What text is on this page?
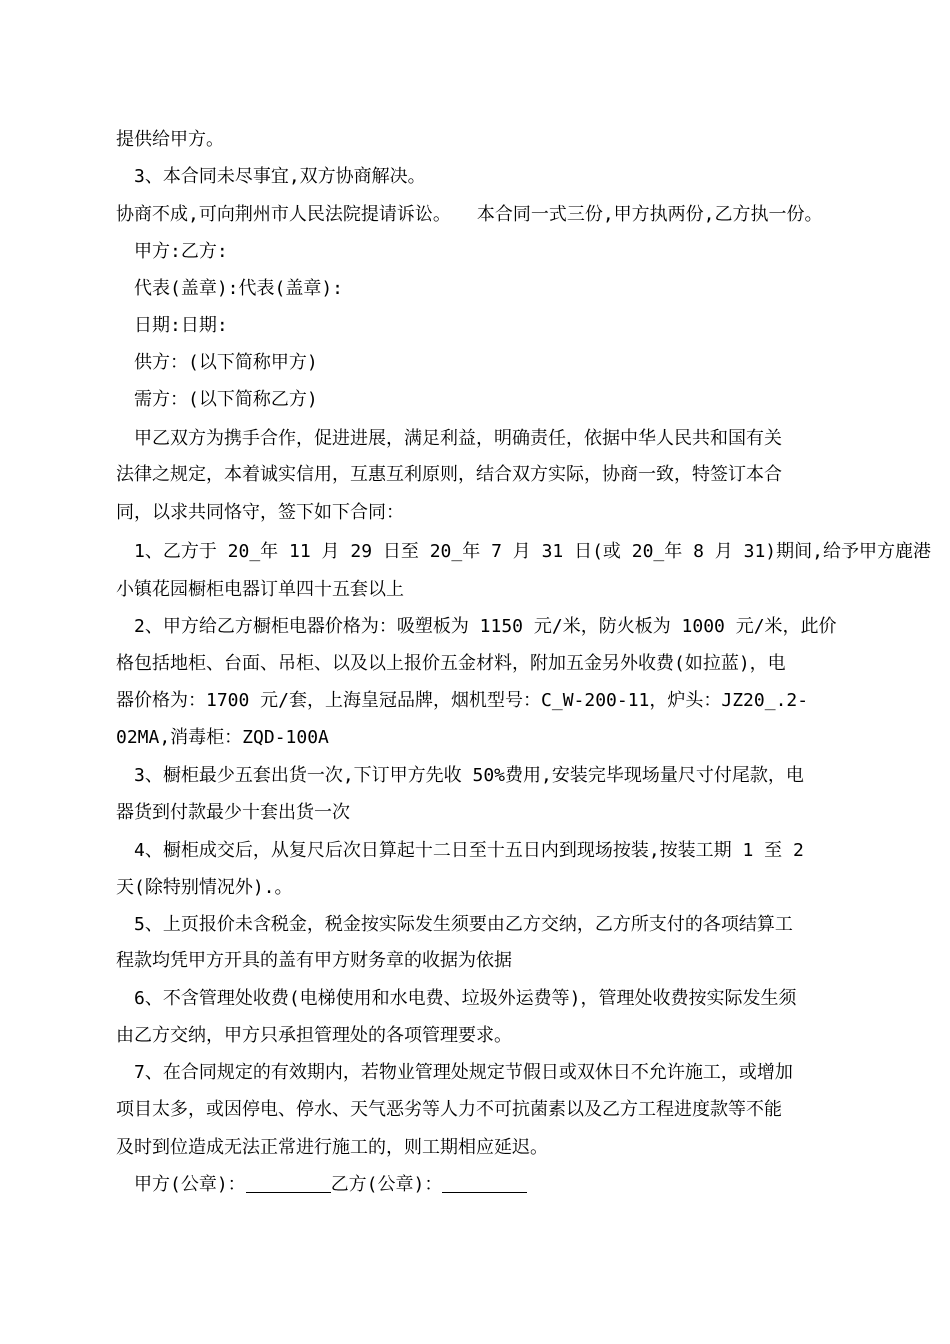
提供给甲方。
3、本合同未尽事宜,双方协商解决。
协商不成,可向荆州市人民法院提请诉讼。 本合同一式三份,甲方执两份,乙方执一份。
甲方:乙方:
代表(盖章):代表(盖章):
日期:日期:
供方：(以下简称甲方)
需方：(以下简称乙方)
甲乙双方为携手合作，促进进展，满足利益，明确责任，依据中华人民共和国有关
法律之规定，本着诚实信用，互惠互利原则，结合双方实际，协商一致，特签订本合
同，以求共同恪守，签下如下合同：
1、乙方于 20_年 11 月 29 日至 20_年 7 月 31 日(或 20_年 8 月 31)期间,给予甲方鹿港
小镇花园橱柜电器订单四十五套以上
2、甲方给乙方橱柜电器价格为：吸塑板为 1150 元/米，防火板为 1000 元/米，此价
格包括地柜、台面、吊柜、以及以上报价五金材料，附加五金另外收费(如拉蓝)，电
器价格为：1700 元/套，上海皇冠品牌，烟机型号：C_W-200-11，炉头：JZ20_.2-
02MA,消毒柜：ZQD-100A
3、橱柜最少五套出货一次,下订甲方先收 50%费用,安装完毕现场量尺寸付尾款，电
器货到付款最少十套出货一次
4、橱柜成交后，从复尺后次日算起十二日至十五日内到现场按装,按装工期 1 至 2
天(除特别情况外).。
5、上页报价未含税金，税金按实际发生须要由乙方交纳，乙方所支付的各项结算工
程款均凭甲方开具的盖有甲方财务章的收据为依据
6、不含管理处收费(电梯使用和水电费、垃圾外运费等)，管理处收费按实际发生须
由乙方交纳，甲方只承担管理处的各项管理要求。
7、在合同规定的有效期内，若物业管理处规定节假日或双休日不允许施工，或增加
项目太多，或因停电、停水、天气恶劣等人力不可抗菌素以及乙方工程进度款等不能
及时到位造成无法正常进行施工的，则工期相应延迟。
甲方(公章)：	乙方(公章)：
